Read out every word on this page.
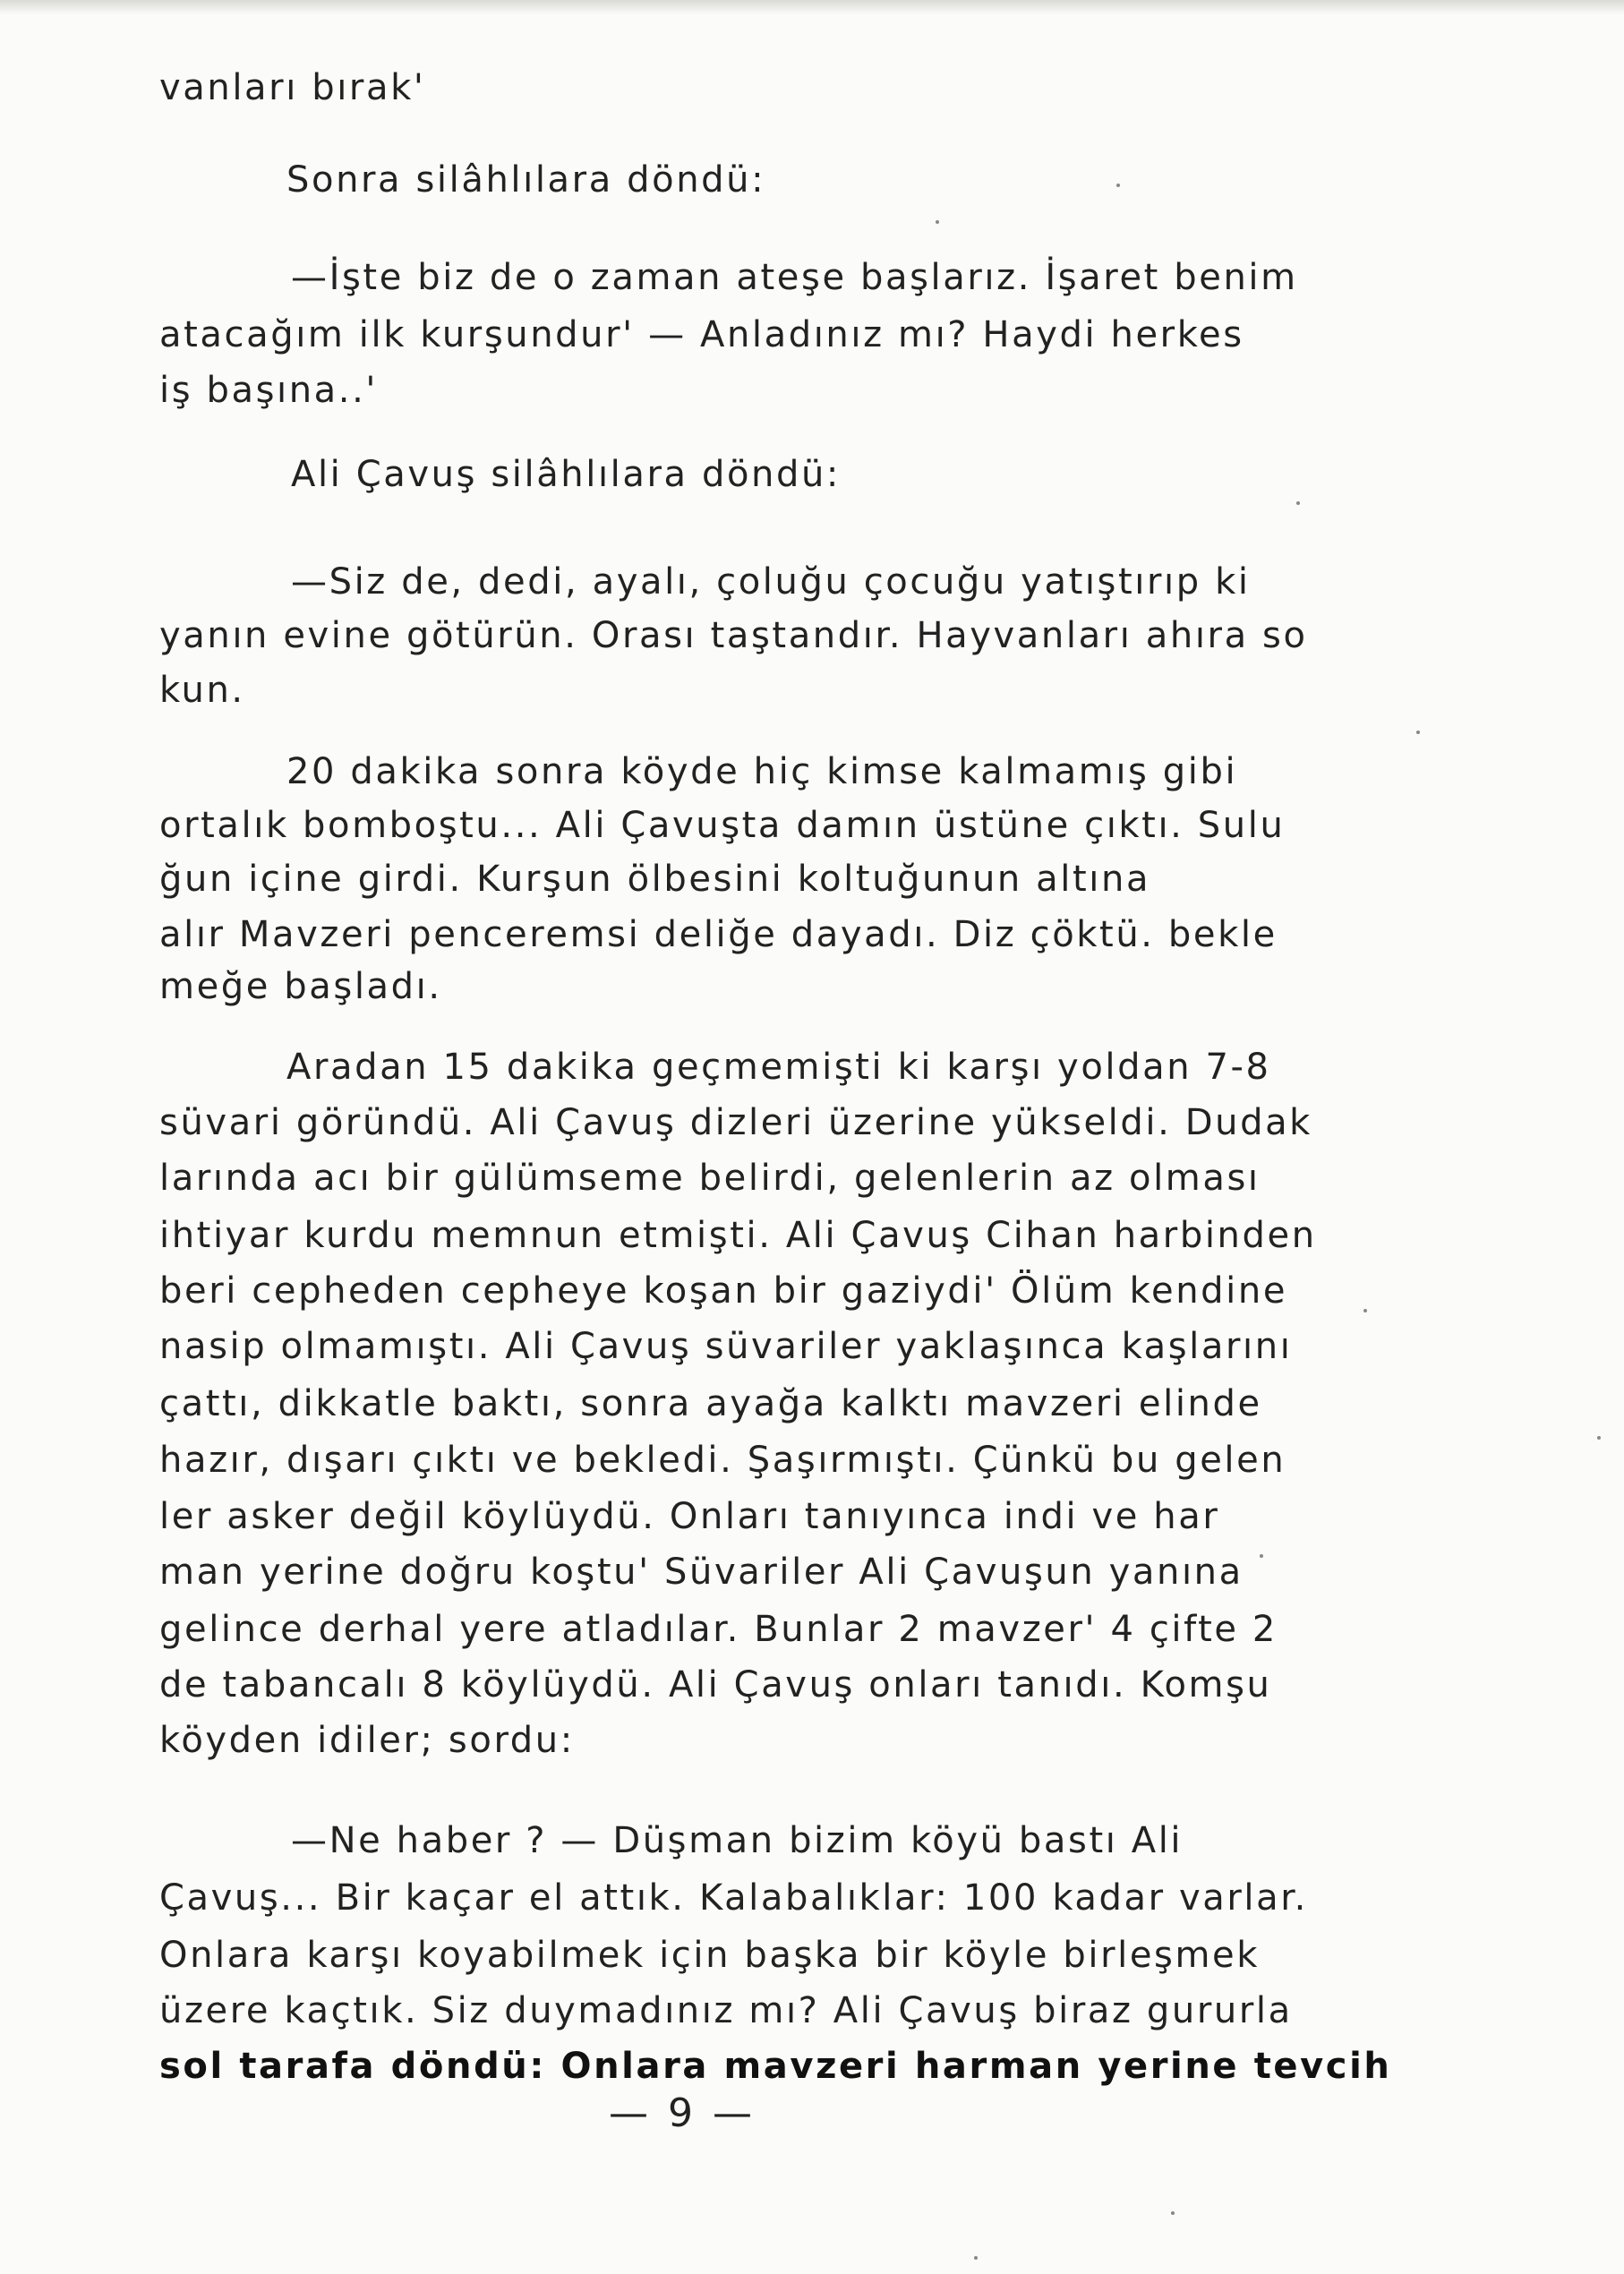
vanları bırak'
Sonra silâhlılara döndü:
—İşte biz de o zaman ateşe başlarız. İşaret benim
atacağım ilk kurşundur' — Anladınız mı? Haydi herkes
iş başına..'
Ali Çavuş silâhlılara döndü:
—Siz de, dedi, ayalı, çoluğu çocuğu yatıştırıp ki
yanın evine götürün. Orası taştandır. Hayvanları ahıra so
kun.
20 dakika sonra köyde hiç kimse kalmamış gibi
ortalık bomboştu... Ali Çavuşta damın üstüne çıktı. Sulu
ğun içine girdi. Kurşun ölbesini koltuğunun altına
alır Mavzeri penceremsi deliğe dayadı. Diz çöktü. bekle
meğe başladı.
Aradan 15 dakika geçmemişti ki karşı yoldan 7-8
süvari göründü. Ali Çavuş dizleri üzerine yükseldi. Dudak
larında acı bir gülümseme belirdi, gelenlerin az olması
ihtiyar kurdu memnun etmişti. Ali Çavuş Cihan harbinden
beri cepheden cepheye koşan bir gaziydi' Ölüm kendine
nasip olmamıştı. Ali Çavuş süvariler yaklaşınca kaşlarını
çattı, dikkatle baktı, sonra ayağa kalktı mavzeri elinde
hazır, dışarı çıktı ve bekledi. Şaşırmıştı. Çünkü bu gelen
ler asker değil köylüydü. Onları tanıyınca indi ve har
man yerine doğru koştu' Süvariler Ali Çavuşun yanına
gelince derhal yere atladılar. Bunlar 2 mavzer' 4 çifte 2
de tabancalı 8 köylüydü. Ali Çavuş onları tanıdı. Komşu
köyden idiler; sordu:
—Ne haber ? — Düşman bizim köyü bastı Ali
Çavuş... Bir kaçar el attık. Kalabalıklar: 100 kadar varlar.
Onlara karşı koyabilmek için başka bir köyle birleşmek
üzere kaçtık. Siz duymadınız mı? Ali Çavuş biraz gururla
sol tarafa döndü: Onlara mavzeri harman yerine tevcih
— 9 —
